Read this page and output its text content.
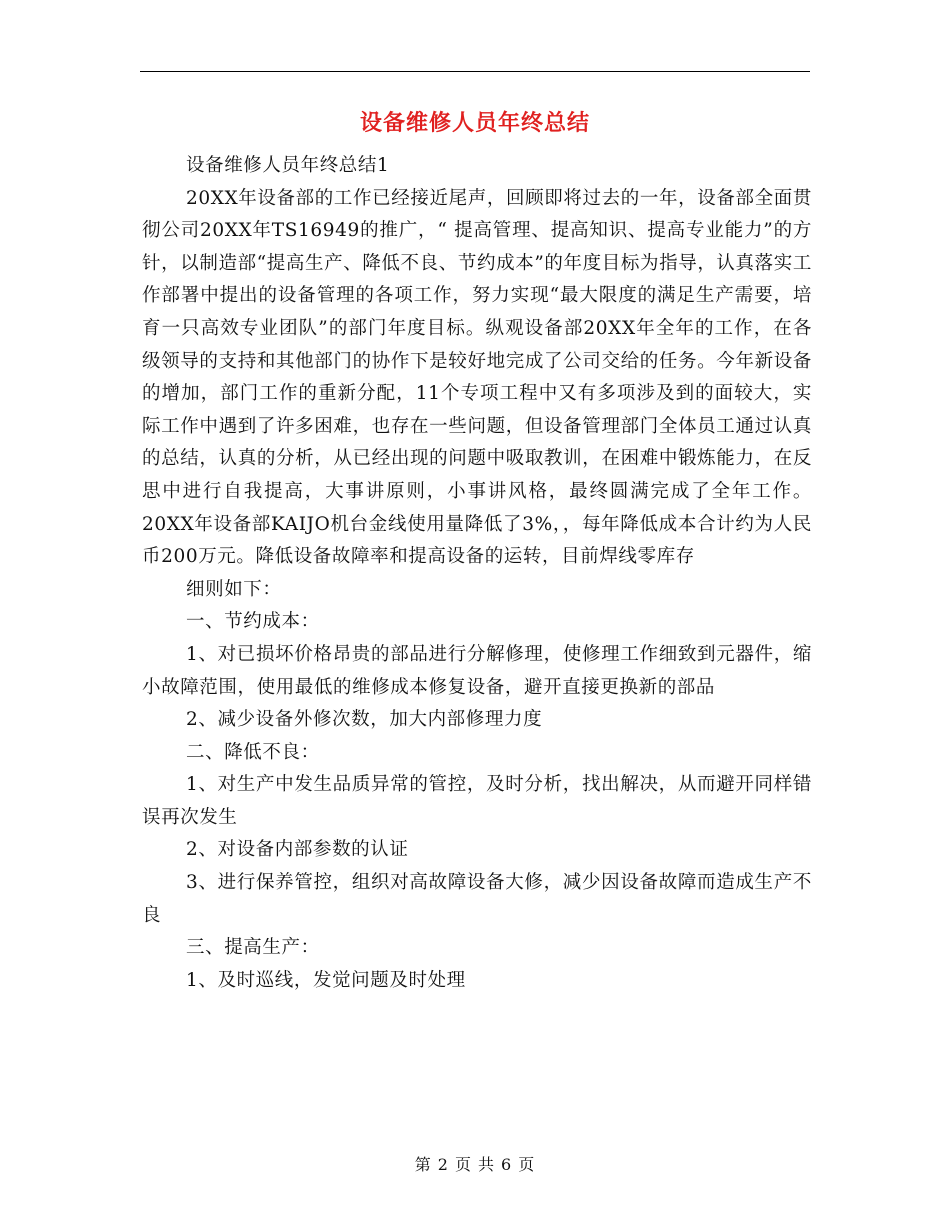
设备维修人员年终总结

设备维修人员年终总结1

20XX年设备部的工作已经接近尾声，回顾即将过去的一年，设备部全面贯彻公司20XX年TS16949的推广，“ 提高管理、提高知识、提高专业能力”的方针，以制造部“提高生产、降低不良、节约成本”的年度目标为指导，认真落实工作部署中提出的设备管理的各项工作，努力实现“最大限度的满足生产需要，培育一只高效专业团队”的部门年度目标。纵观设备部20XX年全年的工作，在各级领导的支持和其他部门的协作下是较好地完成了公司交给的任务。今年新设备的增加，部门工作的重新分配，11个专项工程中又有多项涉及到的面较大，实际工作中遇到了许多困难，也存在一些问题，但设备管理部门全体员工通过认真的总结，认真的分析，从已经出现的问题中吸取教训，在困难中锻炼能力，在反思中进行自我提高，大事讲原则，小事讲风格，最终圆满完成了全年工作。20XX年设备部KAIJO机台金线使用量降低了3%，，每年降低成本合计约为人民币200万元。降低设备故障率和提高设备的运转，目前焊线零库存

细则如下：

一、节约成本：

1、对已损坏价格昂贵的部品进行分解修理，使修理工作细致到元器件，缩小故障范围，使用最低的维修成本修复设备，避开直接更换新的部品

2、减少设备外修次数，加大内部修理力度

二、降低不良：

1、对生产中发生品质异常的管控，及时分析，找出解决，从而避开同样错误再次发生

2、对设备内部参数的认证

3、进行保养管控，组织对高故障设备大修，减少因设备故障而造成生产不良

三、提高生产：

1、及时巡线，发觉问题及时处理

第 2 页 共 6 页
